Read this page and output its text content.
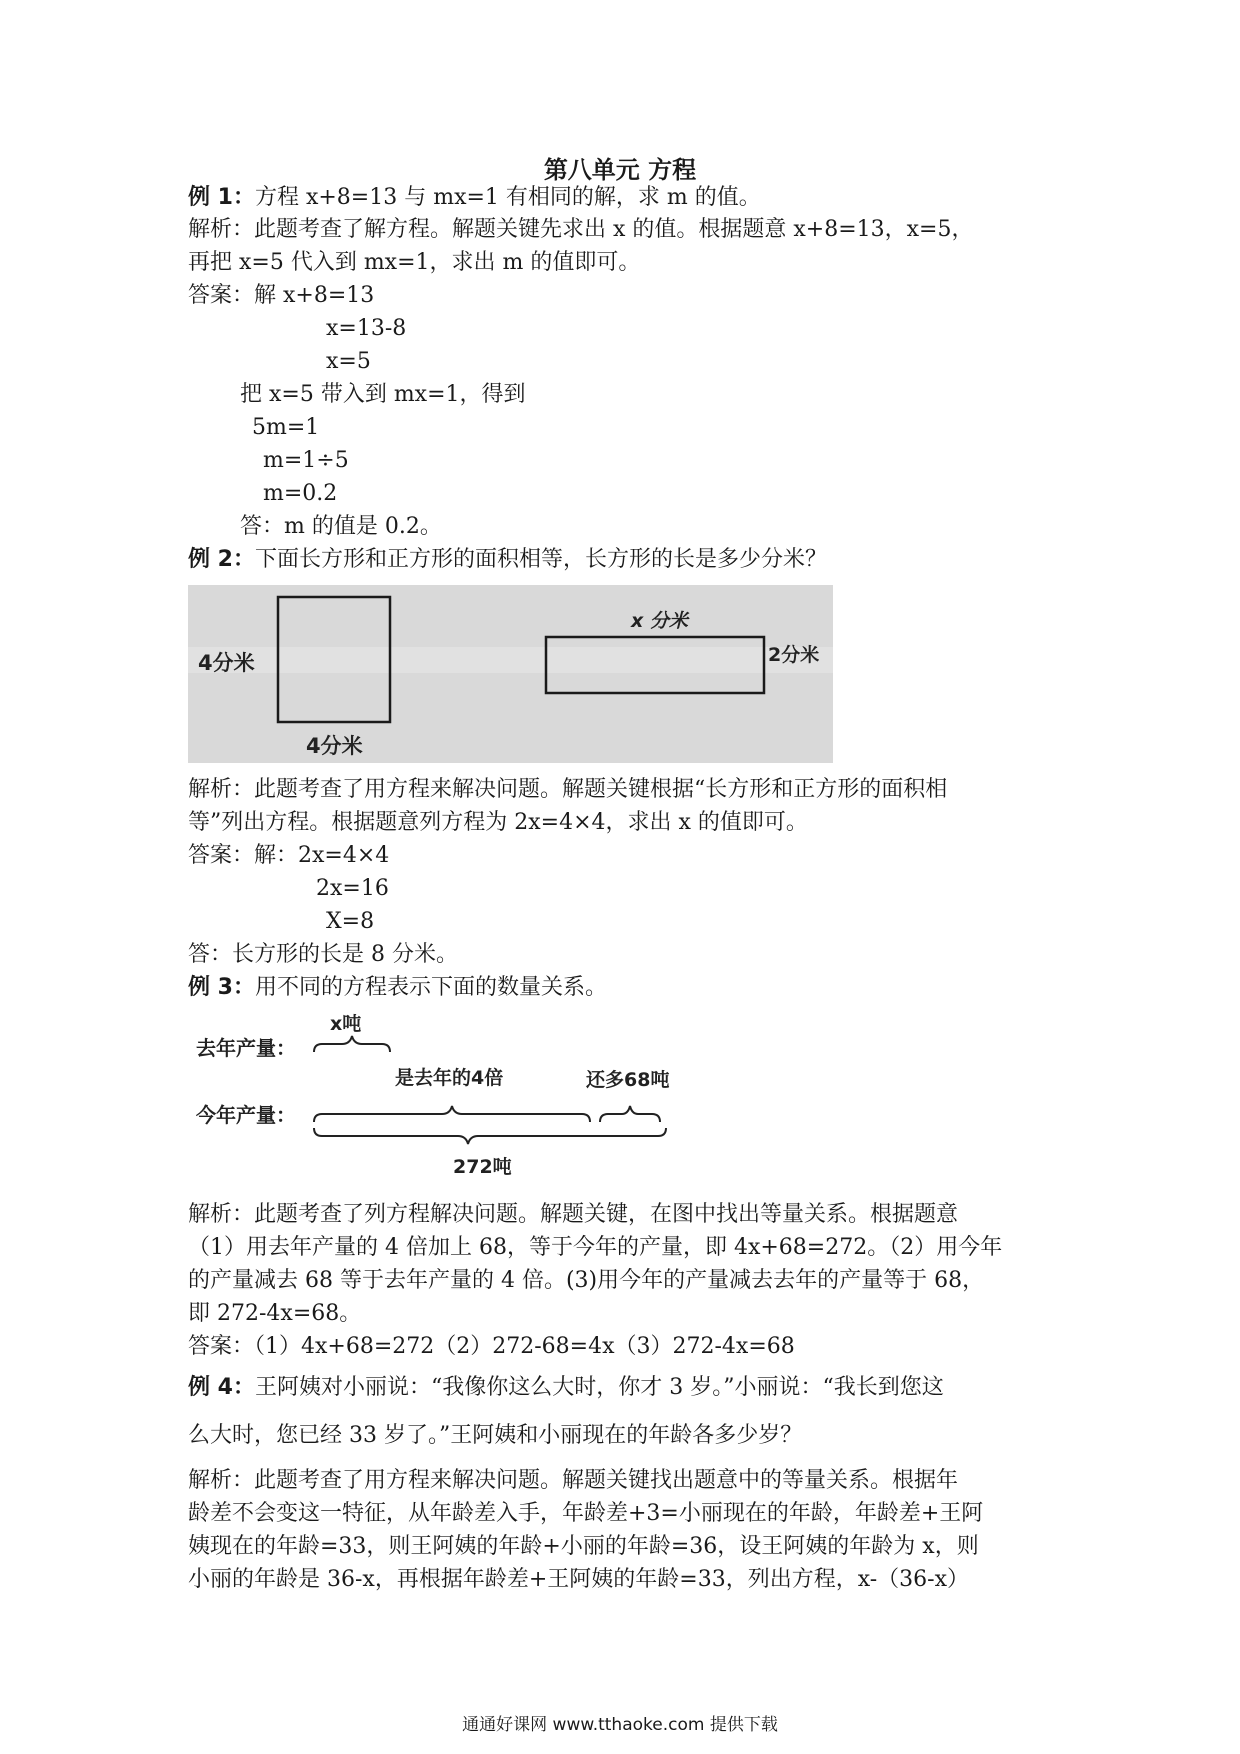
第八单元 方程
例 1：方程 x+8=13 与 mx=1 有相同的解，求 m 的值。
解析：此题考查了解方程。解题关键先求出 x 的值。根据题意 x+8=13，x=5，
再把 x=5 代入到 mx=1，求出 m 的值即可。
答案：解 x+8=13
x=13-8
x=5
把 x=5 带入到 mx=1，得到
5m=1
m=1÷5
m=0.2
答：m 的值是 0.2。
例 2：下面长方形和正方形的面积相等，长方形的长是多少分米？
4分米
4分米
x 分米
2分米
解析：此题考查了用方程来解决问题。解题关键根据“长方形和正方形的面积相
等”列出方程。根据题意列方程为 2x=4×4，求出 x 的值即可。
答案：解：2x=4×4
2x=16
X=8
答：长方形的长是 8 分米。
例 3：用不同的方程表示下面的数量关系。
去年产量：
x吨
今年产量：
是去年的4倍	还多68吨
272吨
解析：此题考查了列方程解决问题。解题关键，在图中找出等量关系。根据题意
（1）用去年产量的 4 倍加上 68，等于今年的产量，即 4x+68=272。（2）用今年
的产量减去 68 等于去年产量的 4 倍。(3)用今年的产量减去去年的产量等于 68，
即 272-4x=68。
答案：（1）4x+68=272（2）272-68=4x（3）272-4x=68
例 4：王阿姨对小丽说：“我像你这么大时，你才 3 岁。”小丽说：“我长到您这
么大时，您已经 33 岁了。”王阿姨和小丽现在的年龄各多少岁？
解析：此题考查了用方程来解决问题。解题关键找出题意中的等量关系。根据年
龄差不会变这一特征，从年龄差入手，年龄差+3=小丽现在的年龄，年龄差+王阿
姨现在的年龄=33，则王阿姨的年龄+小丽的年龄=36，设王阿姨的年龄为 x，则
小丽的年龄是 36-x，再根据年龄差+王阿姨的年龄=33，列出方程，x-（36-x）
通通好课网 www.tthaoke.com 提供下载
